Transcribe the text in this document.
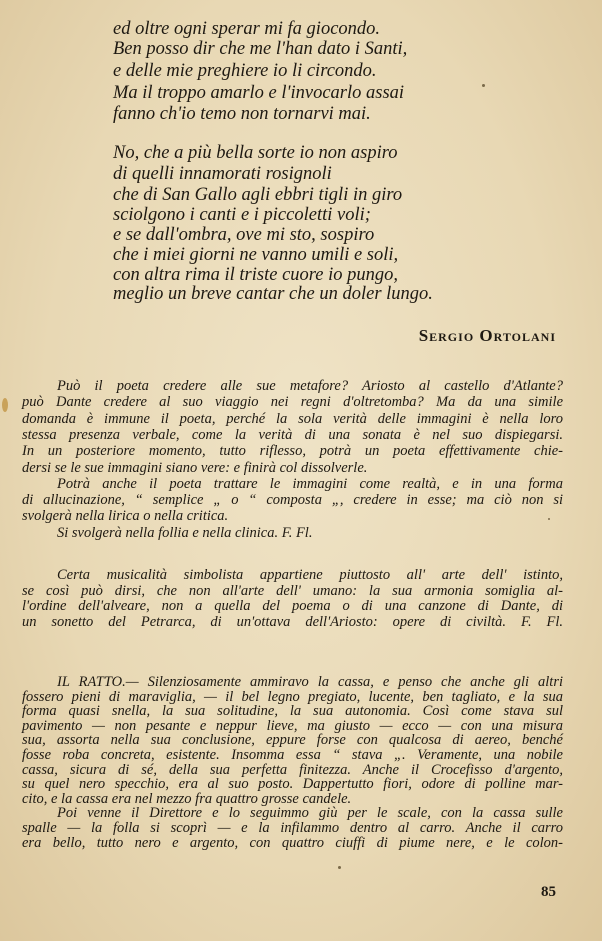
ed oltre ogni sperar mi fa giocondo.
Ben posso dir che me l'han dato i Santi,
e delle mie preghiere io li circondo.
Ma il troppo amarlo e l'invocarlo assai
fanno ch'io temo non tornarvi mai.
No, che a più bella sorte io non aspiro
di quelli innamorati rosignoli
che di San Gallo agli ebbri tigli in giro
sciolgono i canti e i piccoletti voli;
e se dall'ombra, ove mi sto, sospiro
che i miei giorni ne vanno umili e soli,
con altra rima il triste cuore io pungo,
meglio un breve cantar che un doler lungo.
Sergio Ortolani
Può il poeta credere alle sue metafore? Ariosto al castello d'Atlante?
può Dante credere al suo viaggio nei regni d'oltretomba? Ma da una simile
domanda è immune il poeta, perché la sola verità delle immagini è nella loro
stessa presenza verbale, come la verità di una sonata è nel suo dispiegarsi.
In un posteriore momento, tutto riflesso, potrà un poeta effettivamente chie-
dersi se le sue immagini siano vere: e finirà col dissolverle.
Potrà anche il poeta trattare le immagini come realtà, e in una forma
di allucinazione, “ semplice „ o “ composta „, credere in esse; ma ciò non si
svolgerà nella lirica o nella critica.
Si svolgerà nella follia e nella clinica. F. Fl.
Certa musicalità simbolista appartiene piuttosto all' arte dell' istinto,
se così può dirsi, che non all'arte dell' umano: la sua armonia somiglia al-
l'ordine dell'alveare, non a quella del poema o di una canzone di Dante, di
un sonetto del Petrarca, di un'ottava dell'Ariosto: opere di civiltà. F. Fl.
IL RATTO.— Silenziosamente ammiravo la cassa, e penso che anche gli altri
fossero pieni di maraviglia, — il bel legno pregiato, lucente, ben tagliato, e la sua
forma quasi snella, la sua solitudine, la sua autonomia. Così come stava sul
pavimento — non pesante e neppur lieve, ma giusto — ecco — con una misura
sua, assorta nella sua conclusione, eppure forse con qualcosa di aereo, benché
fosse roba concreta, esistente. Insomma essa “ stava „. Veramente, una nobile
cassa, sicura di sé, della sua perfetta finitezza. Anche il Crocefisso d'argento,
su quel nero specchio, era al suo posto. Dappertutto fiori, odore di polline mar-
cito, e la cassa era nel mezzo fra quattro grosse candele.
Poi venne il Direttore e lo seguimmo giù per le scale, con la cassa sulle
spalle — la folla si scoprì — e la infilammo dentro al carro. Anche il carro
era bello, tutto nero e argento, con quattro ciuffi di piume nere, e le colon-
85
